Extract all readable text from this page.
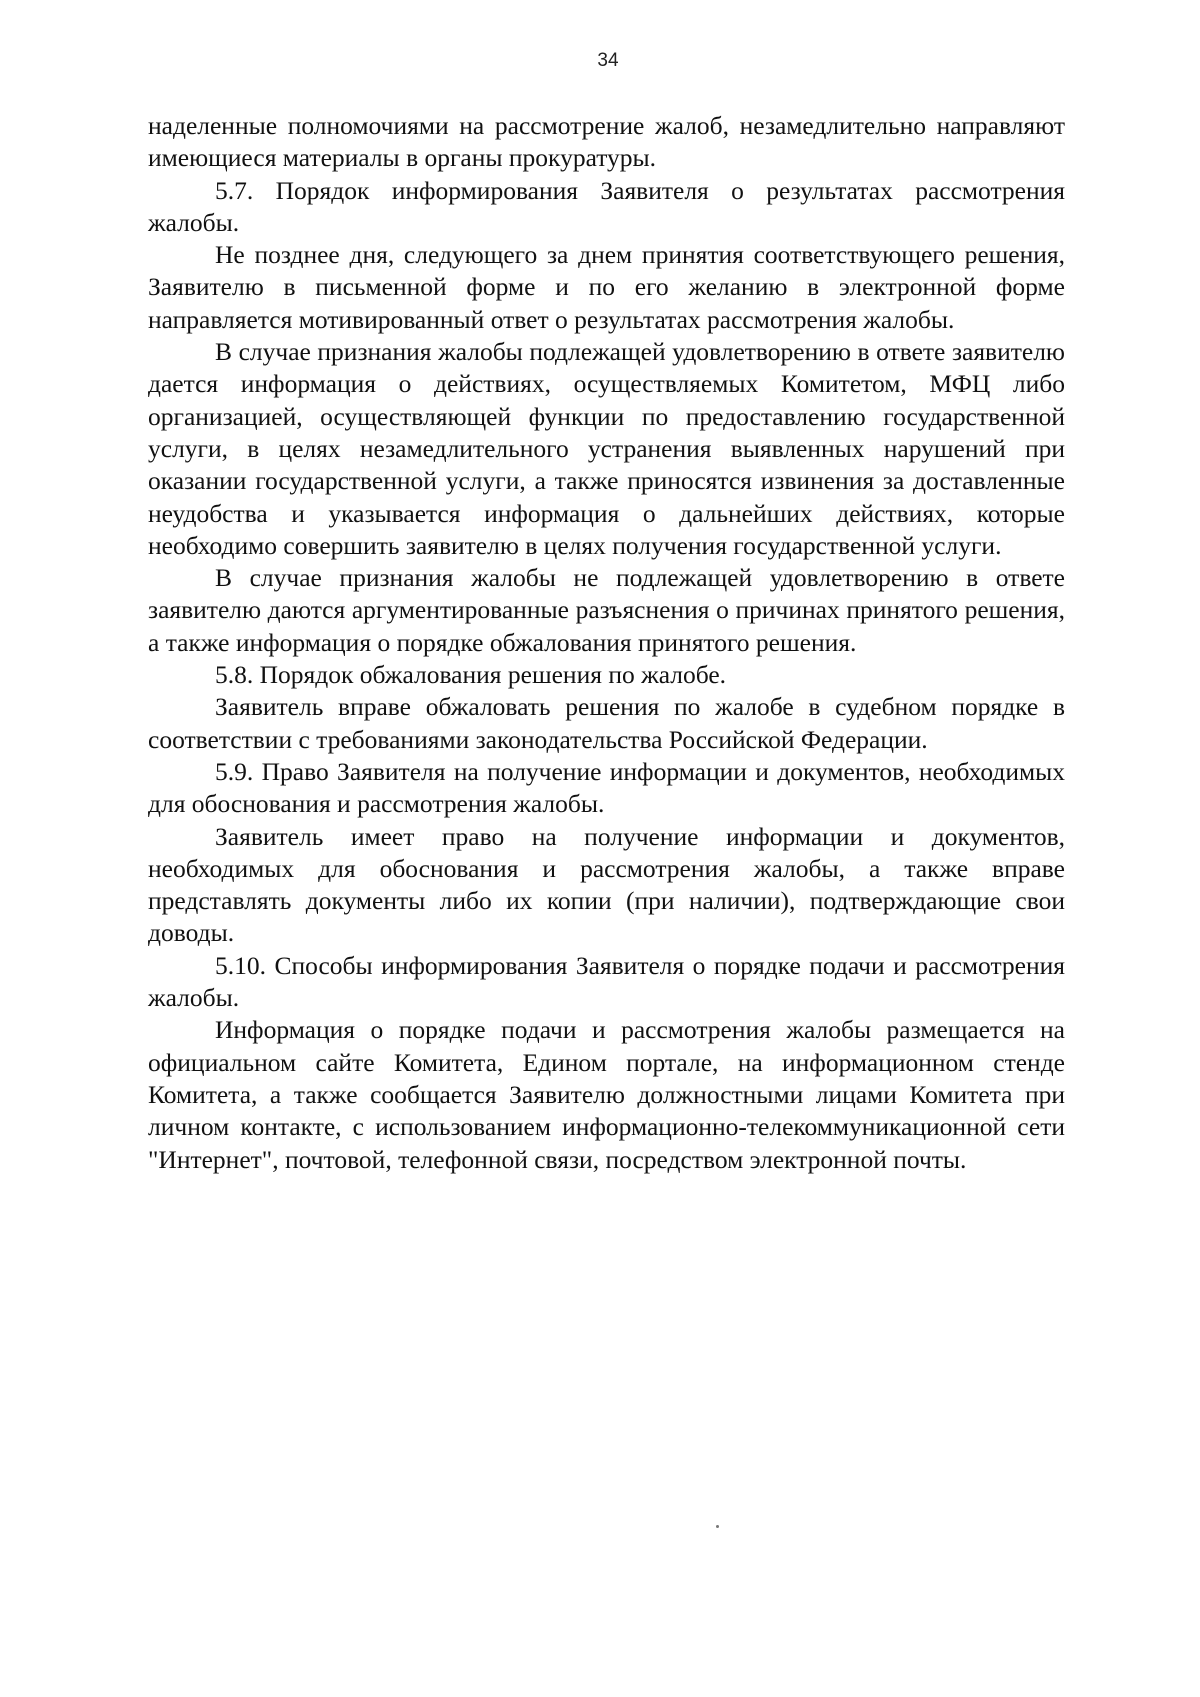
34

наделенные полномочиями на рассмотрение жалоб, незамедлительно направляют имеющиеся материалы в органы прокуратуры.

5.7. Порядок информирования Заявителя о результатах рассмотрения жалобы.

Не позднее дня, следующего за днем принятия соответствующего решения, Заявителю в письменной форме и по его желанию в электронной форме направляется мотивированный ответ о результатах рассмотрения жалобы.

В случае признания жалобы подлежащей удовлетворению в ответе заявителю дается информация о действиях, осуществляемых Комитетом, МФЦ либо организацией, осуществляющей функции по предоставлению государственной услуги, в целях незамедлительного устранения выявленных нарушений при оказании государственной услуги, а также приносятся извинения за доставленные неудобства и указывается информация о дальнейших действиях, которые необходимо совершить заявителю в целях получения государственной услуги.

В случае признания жалобы не подлежащей удовлетворению в ответе заявителю даются аргументированные разъяснения о причинах принятого решения, а также информация о порядке обжалования принятого решения.

5.8. Порядок обжалования решения по жалобе.

Заявитель вправе обжаловать решения по жалобе в судебном порядке в соответствии с требованиями законодательства Российской Федерации.

5.9. Право Заявителя на получение информации и документов, необходимых для обоснования и рассмотрения жалобы.

Заявитель имеет право на получение информации и документов, необходимых для обоснования и рассмотрения жалобы, а также вправе представлять документы либо их копии (при наличии), подтверждающие свои доводы.

5.10. Способы информирования Заявителя о порядке подачи и рассмотрения жалобы.

Информация о порядке подачи и рассмотрения жалобы размещается на официальном сайте Комитета, Едином портале, на информационном стенде Комитета, а также сообщается Заявителю должностными лицами Комитета при личном контакте, с использованием информационно-телекоммуникационной сети "Интернет", почтовой, телефонной связи, посредством электронной почты.
